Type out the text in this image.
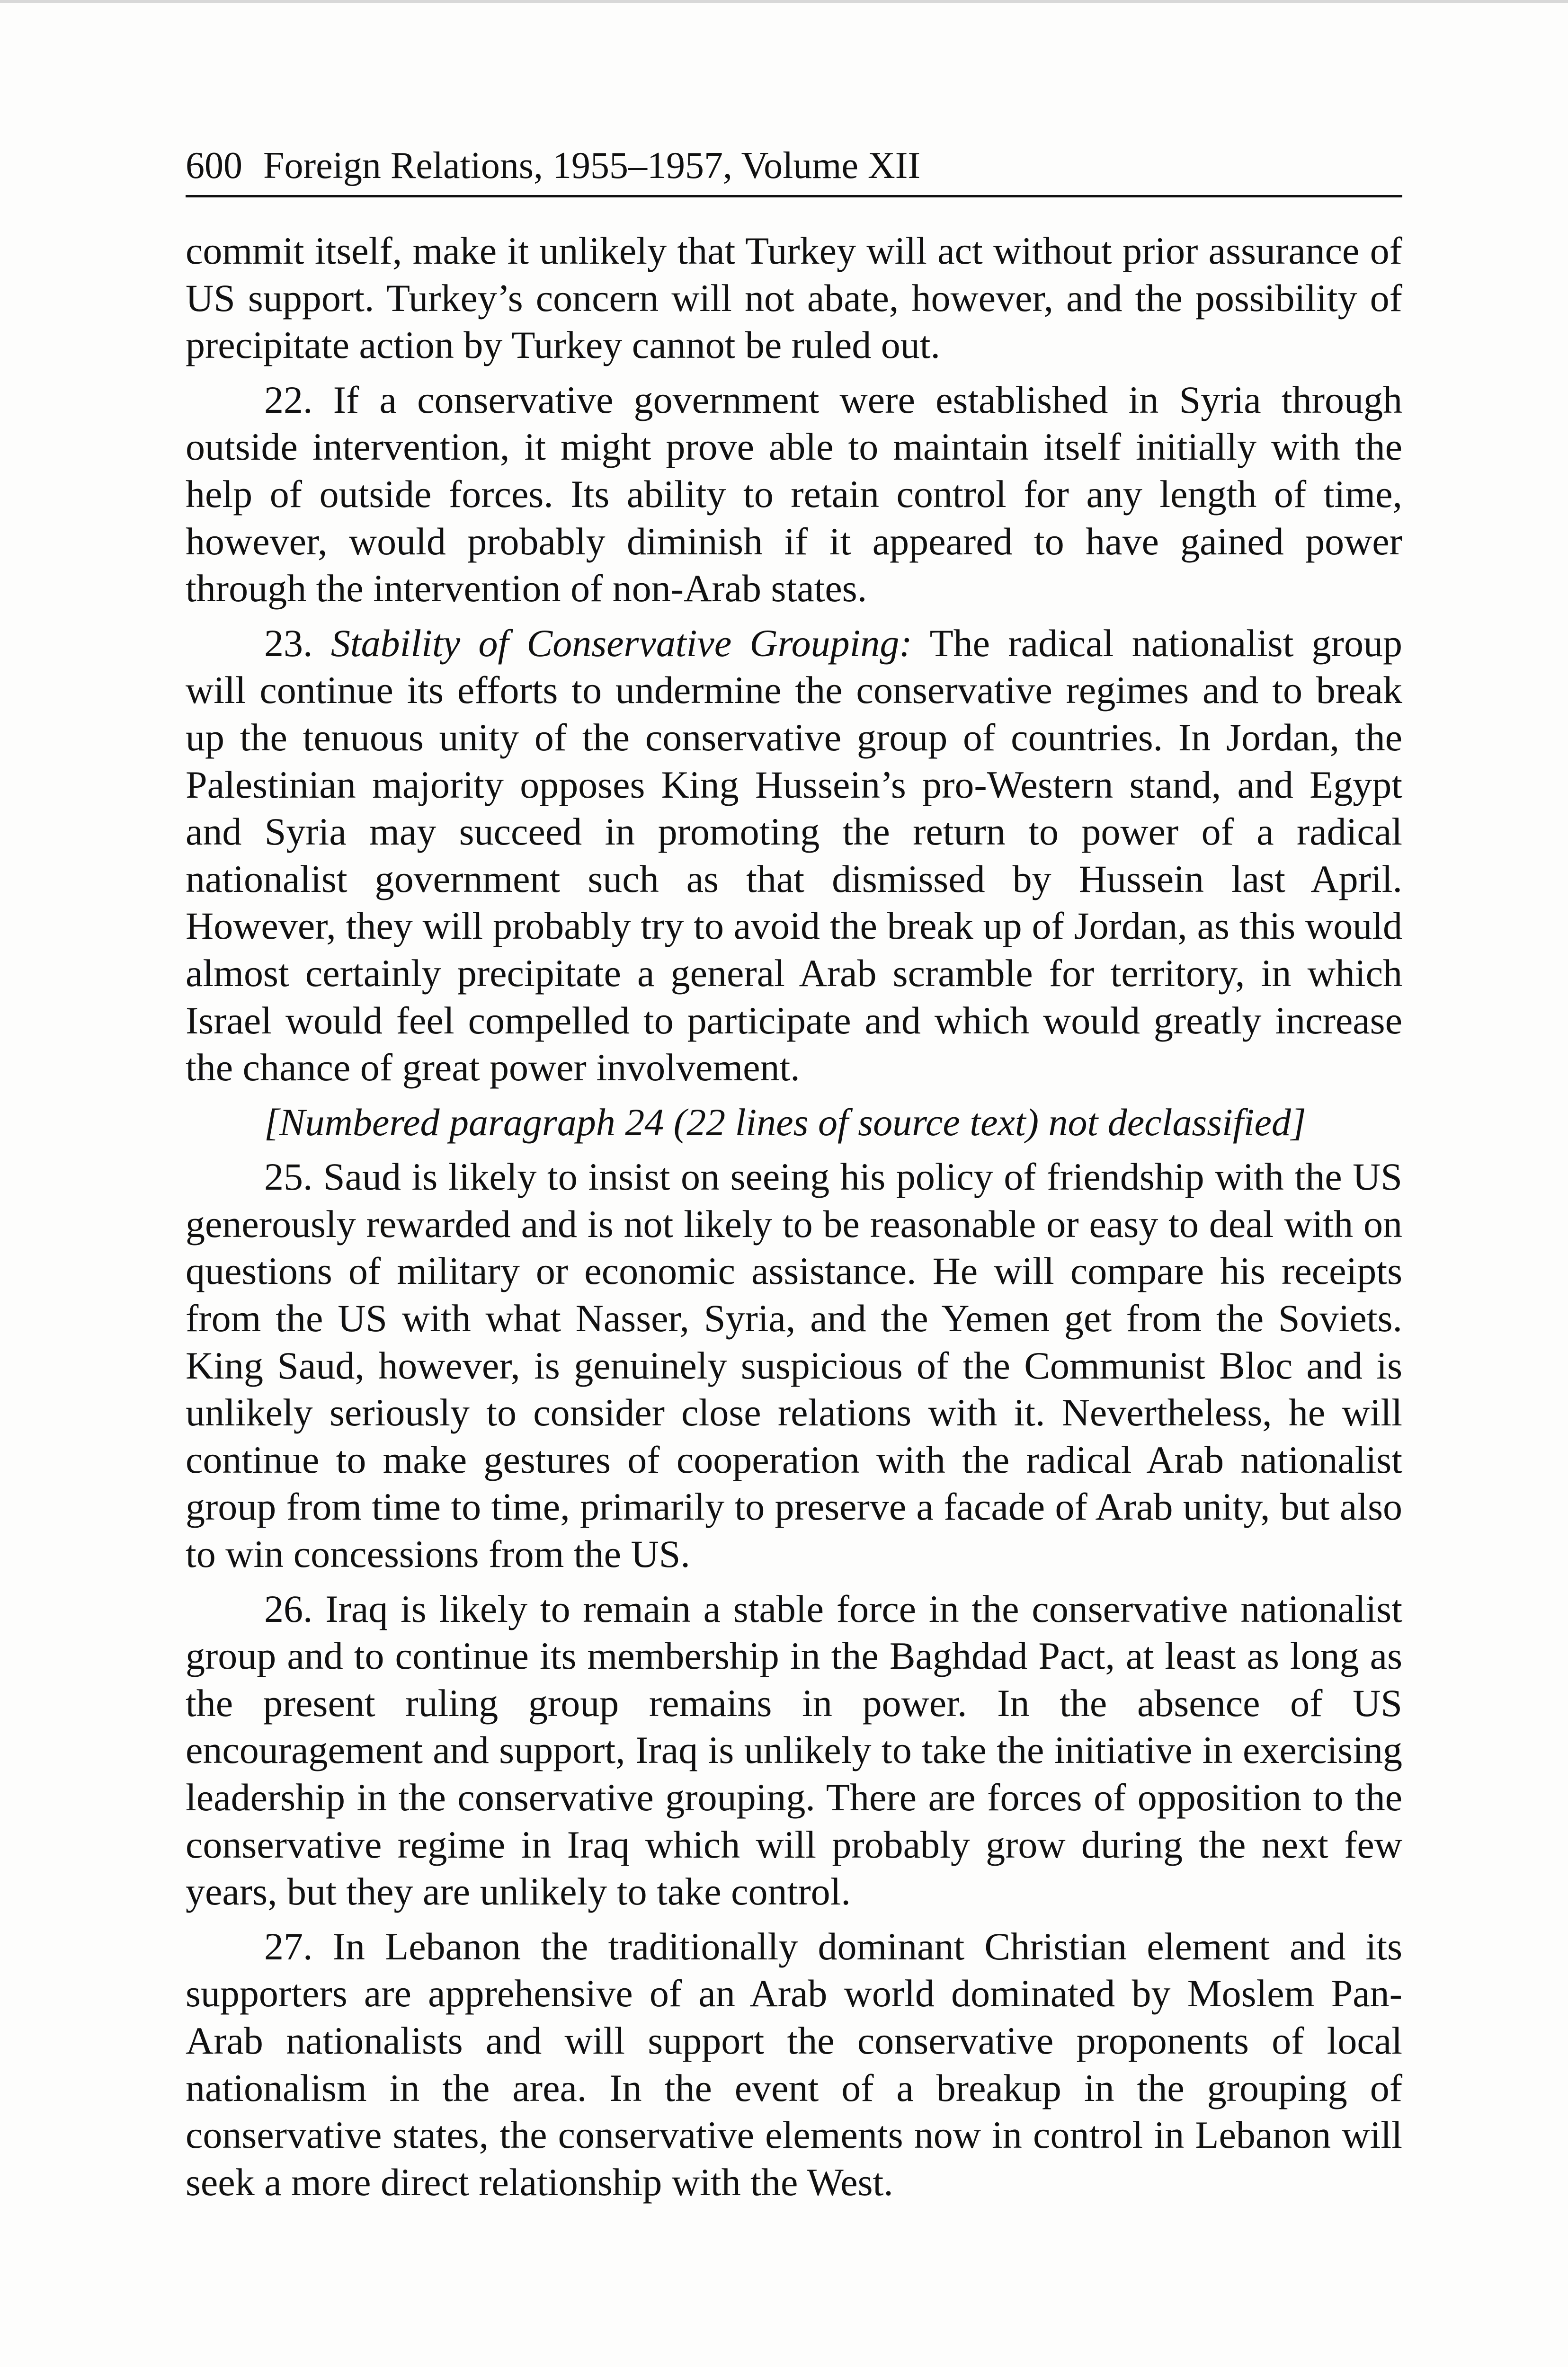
600 Foreign Relations, 1955–1957, Volume XII

commit itself, make it unlikely that Turkey will act without prior assurance of US support. Turkey’s concern will not abate, however, and the possibility of precipitate action by Turkey cannot be ruled out.

22. If a conservative government were established in Syria through outside intervention, it might prove able to maintain itself initially with the help of outside forces. Its ability to retain control for any length of time, however, would probably diminish if it appeared to have gained power through the intervention of non-Arab states.

23. Stability of Conservative Grouping: The radical nationalist group will continue its efforts to undermine the conservative regimes and to break up the tenuous unity of the conservative group of countries. In Jordan, the Palestinian majority opposes King Hussein’s pro-Western stand, and Egypt and Syria may succeed in promoting the return to power of a radical nationalist government such as that dismissed by Hussein last April. However, they will probably try to avoid the break up of Jordan, as this would almost certainly precipitate a general Arab scramble for territory, in which Israel would feel compelled to participate and which would greatly increase the chance of great power involvement.

[Numbered paragraph 24 (22 lines of source text) not declassified]

25. Saud is likely to insist on seeing his policy of friendship with the US generously rewarded and is not likely to be reasonable or easy to deal with on questions of military or economic assistance. He will compare his receipts from the US with what Nasser, Syria, and the Yemen get from the Soviets. King Saud, however, is genuinely suspicious of the Communist Bloc and is unlikely seriously to consider close relations with it. Nevertheless, he will continue to make gestures of cooperation with the radical Arab nationalist group from time to time, primarily to preserve a facade of Arab unity, but also to win concessions from the US.

26. Iraq is likely to remain a stable force in the conservative nationalist group and to continue its membership in the Baghdad Pact, at least as long as the present ruling group remains in power. In the absence of US encouragement and support, Iraq is unlikely to take the initiative in exercising leadership in the conservative grouping. There are forces of opposition to the conservative regime in Iraq which will probably grow during the next few years, but they are unlikely to take control.

27. In Lebanon the traditionally dominant Christian element and its supporters are apprehensive of an Arab world dominated by Moslem Pan-Arab nationalists and will support the conservative proponents of local nationalism in the area. In the event of a breakup in the grouping of conservative states, the conservative elements now in control in Lebanon will seek a more direct relationship with the West.
